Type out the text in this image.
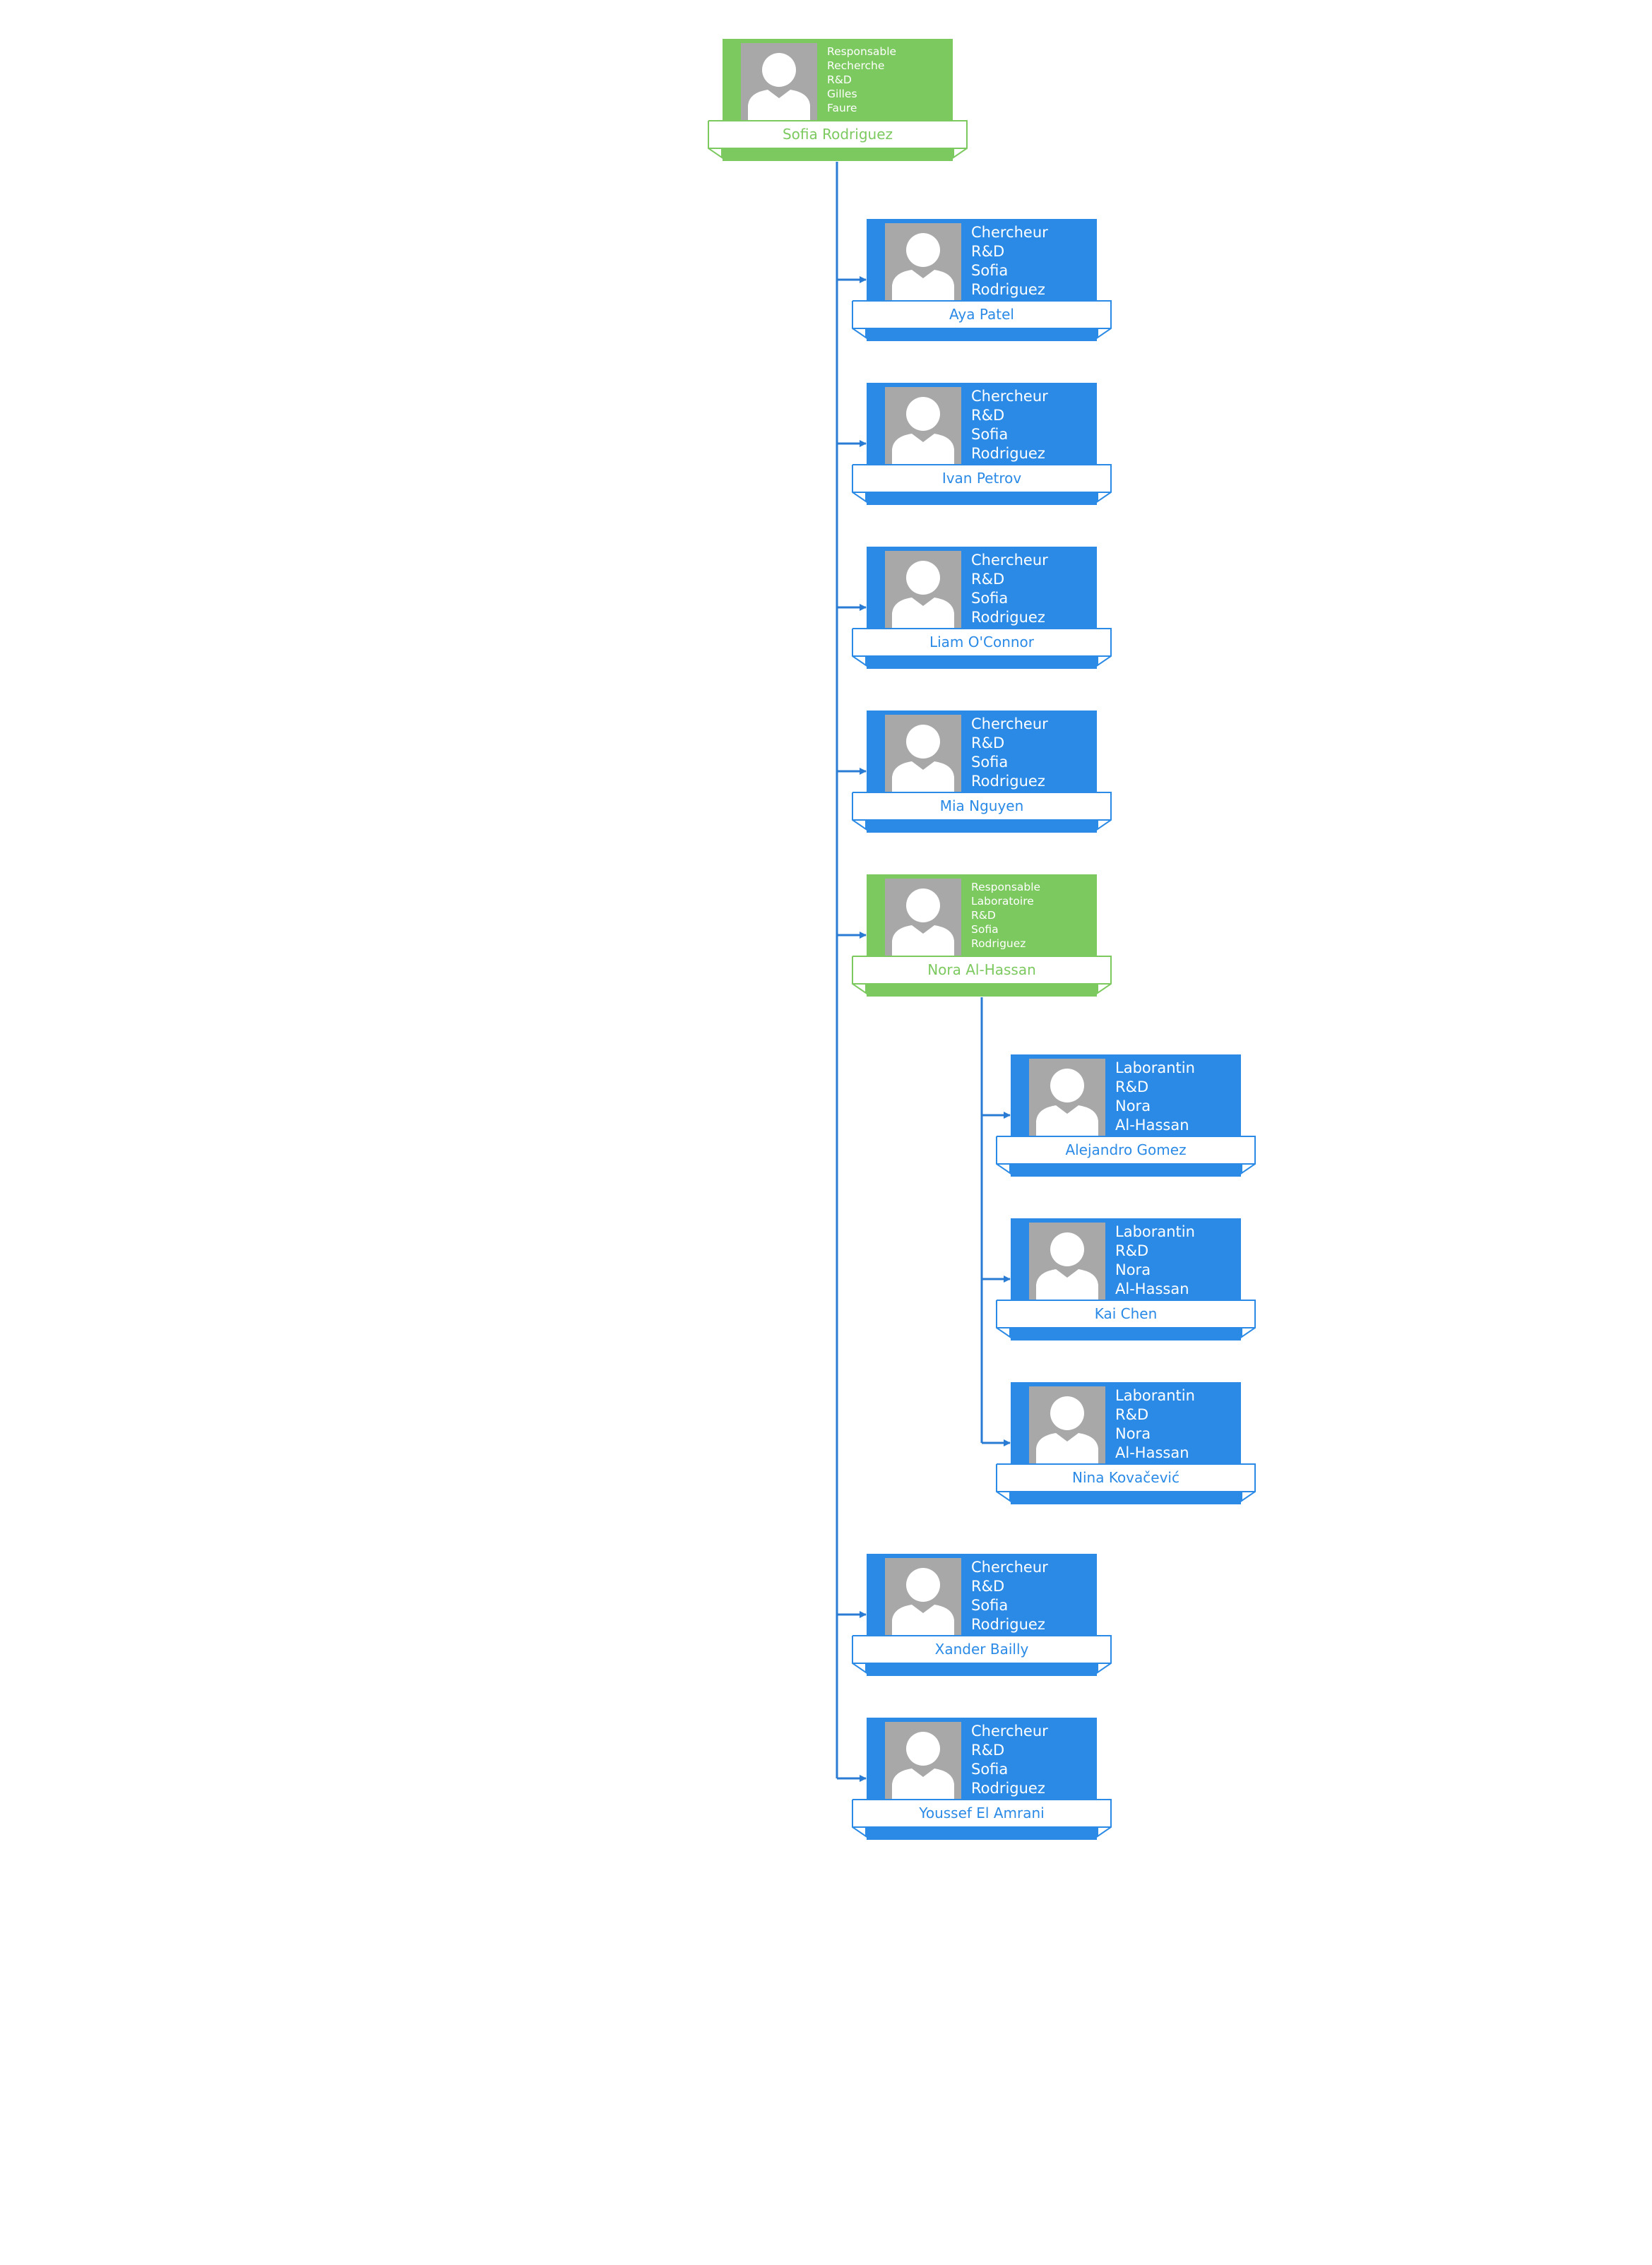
Responsable
Recherche
R&D
Gilles
Faure
Sofia Rodriguez
Chercheur
R&D
Sofia
Rodriguez
Aya Patel
Chercheur
R&D
Sofia
Rodriguez
Ivan Petrov
Chercheur
R&D
Sofia
Rodriguez
Liam O'Connor
Chercheur
R&D
Sofia
Rodriguez
Mia Nguyen
Responsable
Laboratoire
R&D
Sofia
Rodriguez
Nora Al-Hassan
Laborantin
R&D
Nora
Al-Hassan
Alejandro Gomez
Laborantin
R&D
Nora
Al-Hassan
Kai Chen
Laborantin
R&D
Nora
Al-Hassan
Nina Kovačević
Chercheur
R&D
Sofia
Rodriguez
Xander Bailly
Chercheur
R&D
Sofia
Rodriguez
Youssef El Amrani
